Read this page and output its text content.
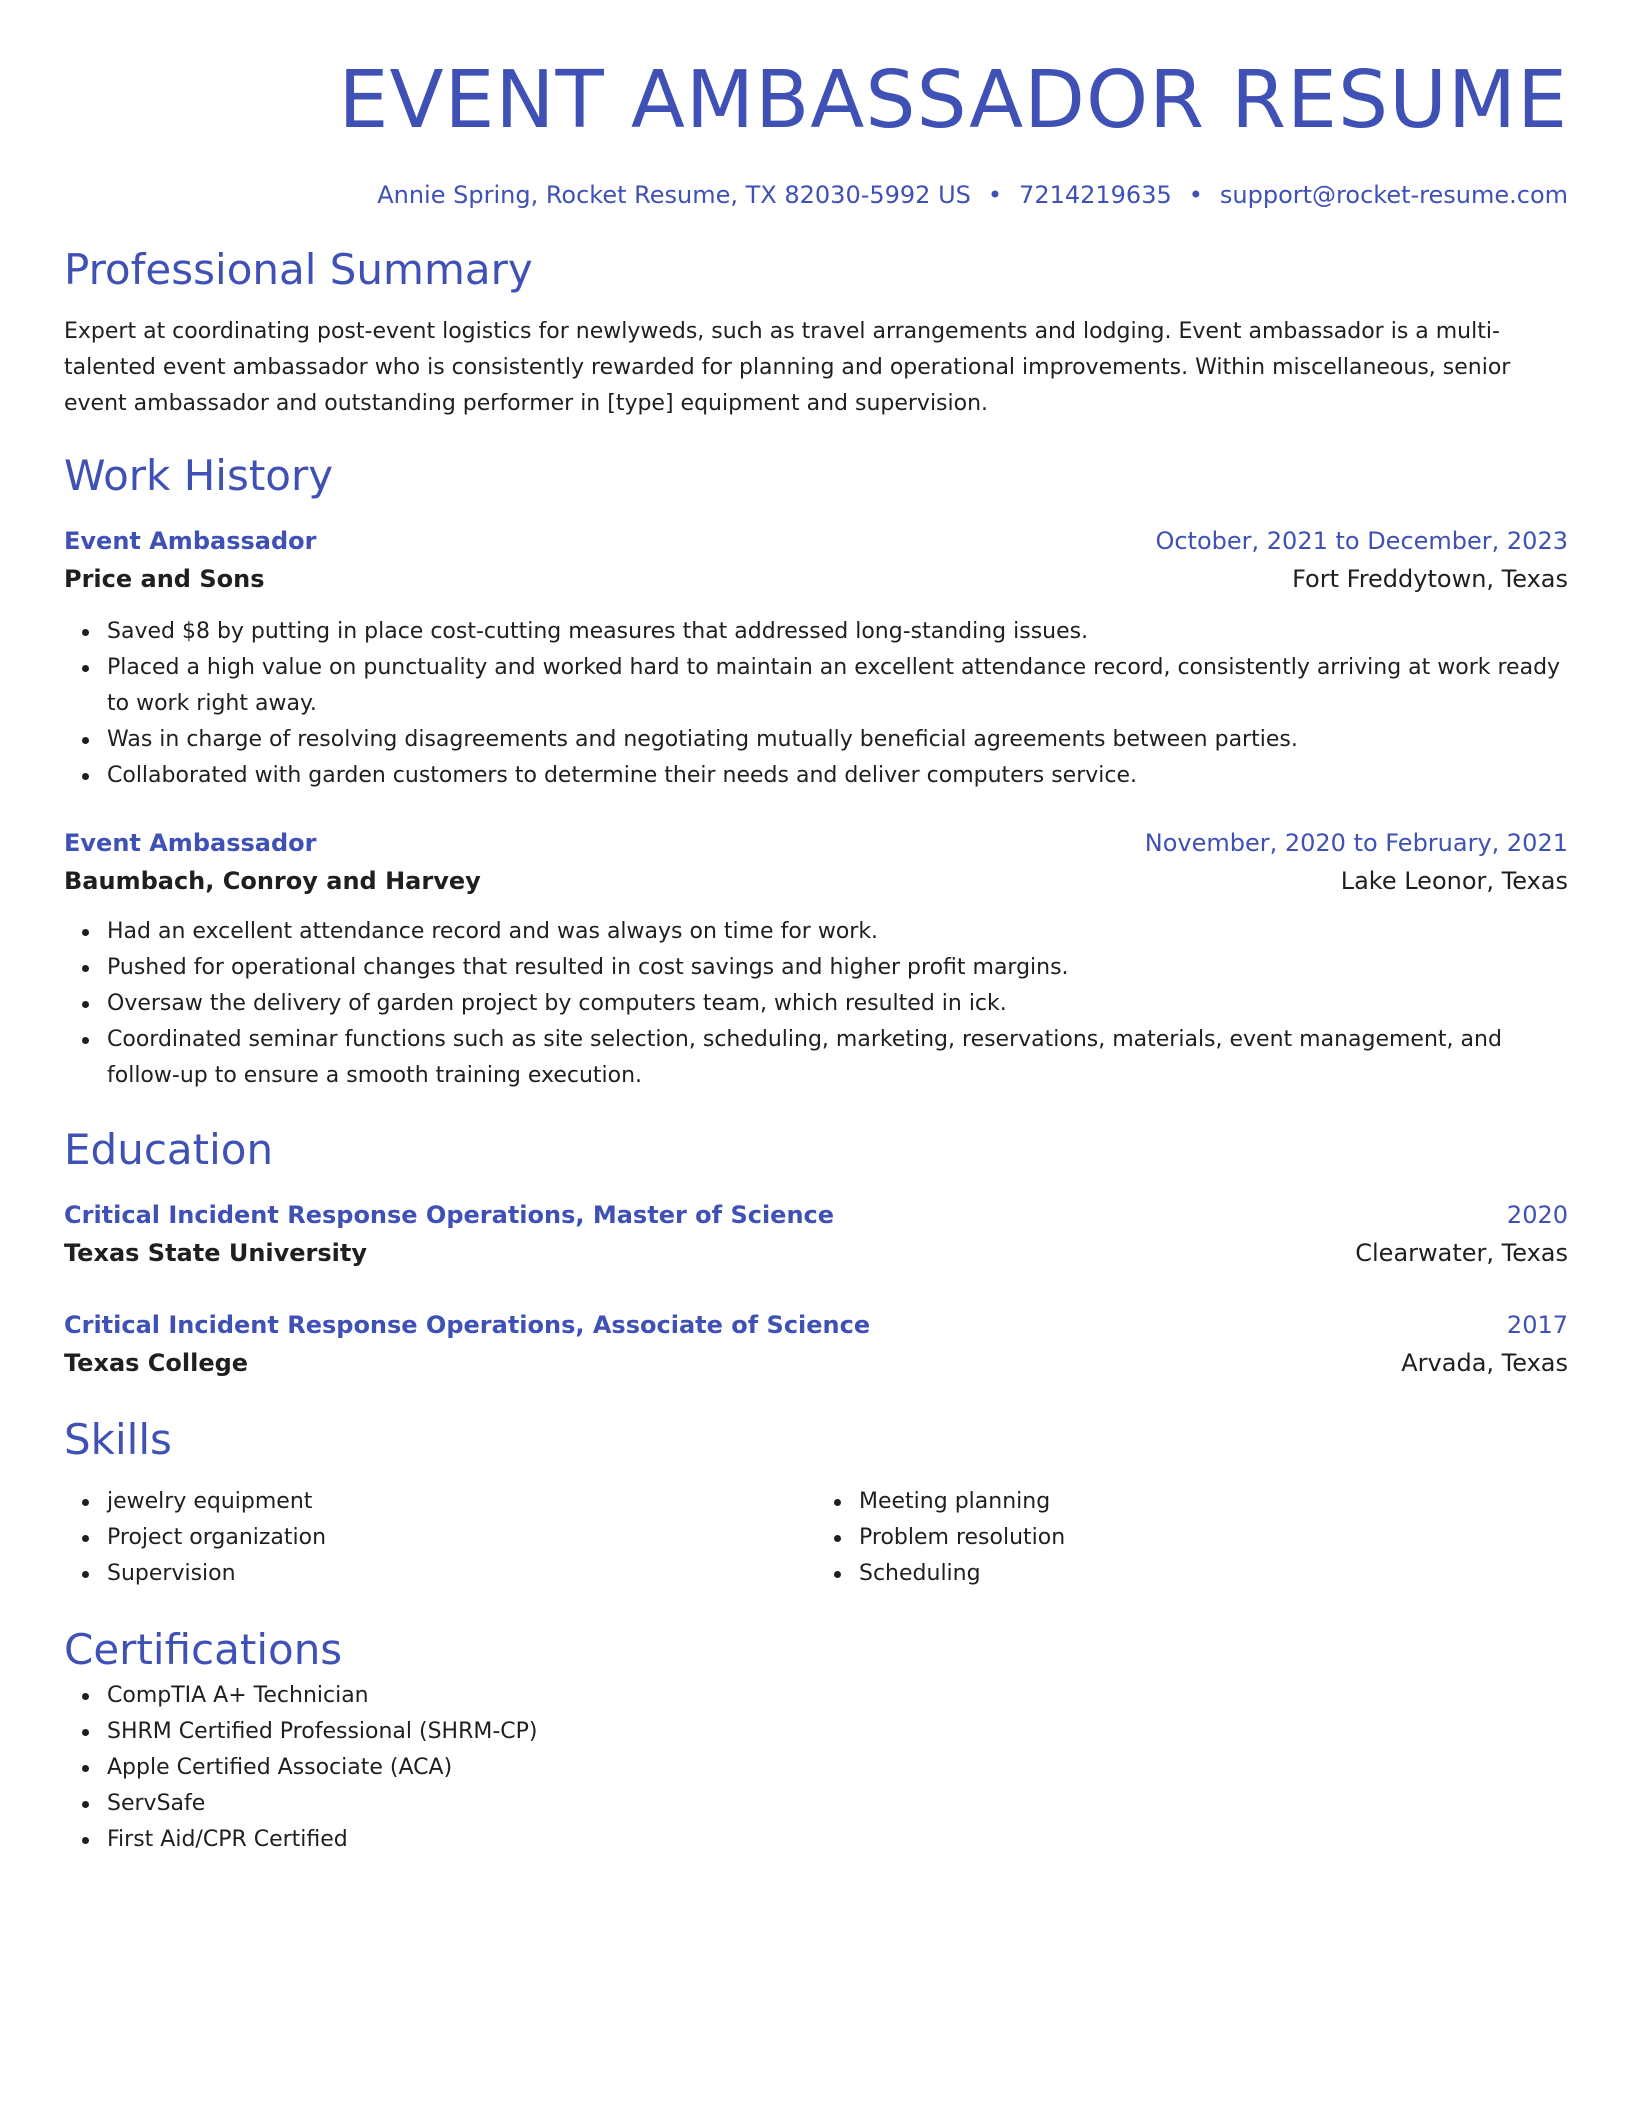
EVENT AMBASSADOR RESUME
Annie Spring, Rocket Resume, TX 82030-5992 US • 7214219635 • support@rocket-resume.com
Professional Summary
Expert at coordinating post-event logistics for newlyweds, such as travel arrangements and lodging. Event ambassador is a multi-talented event ambassador who is consistently rewarded for planning and operational improvements. Within miscellaneous, senior event ambassador and outstanding performer in [type] equipment and supervision.
Work History
Event Ambassador	October, 2021 to December, 2023
Price and Sons	Fort Freddytown, Texas
Saved $8 by putting in place cost-cutting measures that addressed long-standing issues.
Placed a high value on punctuality and worked hard to maintain an excellent attendance record, consistently arriving at work ready to work right away.
Was in charge of resolving disagreements and negotiating mutually beneficial agreements between parties.
Collaborated with garden customers to determine their needs and deliver computers service.
Event Ambassador	November, 2020 to February, 2021
Baumbach, Conroy and Harvey	Lake Leonor, Texas
Had an excellent attendance record and was always on time for work.
Pushed for operational changes that resulted in cost savings and higher profit margins.
Oversaw the delivery of garden project by computers team, which resulted in ick.
Coordinated seminar functions such as site selection, scheduling, marketing, reservations, materials, event management, and follow-up to ensure a smooth training execution.
Education
Critical Incident Response Operations, Master of Science	2020
Texas State University	Clearwater, Texas
Critical Incident Response Operations, Associate of Science	2017
Texas College	Arvada, Texas
Skills
jewelry equipment
Project organization
Supervision
Meeting planning
Problem resolution
Scheduling
Certifications
CompTIA A+ Technician
SHRM Certified Professional (SHRM-CP)
Apple Certified Associate (ACA)
ServSafe
First Aid/CPR Certified
